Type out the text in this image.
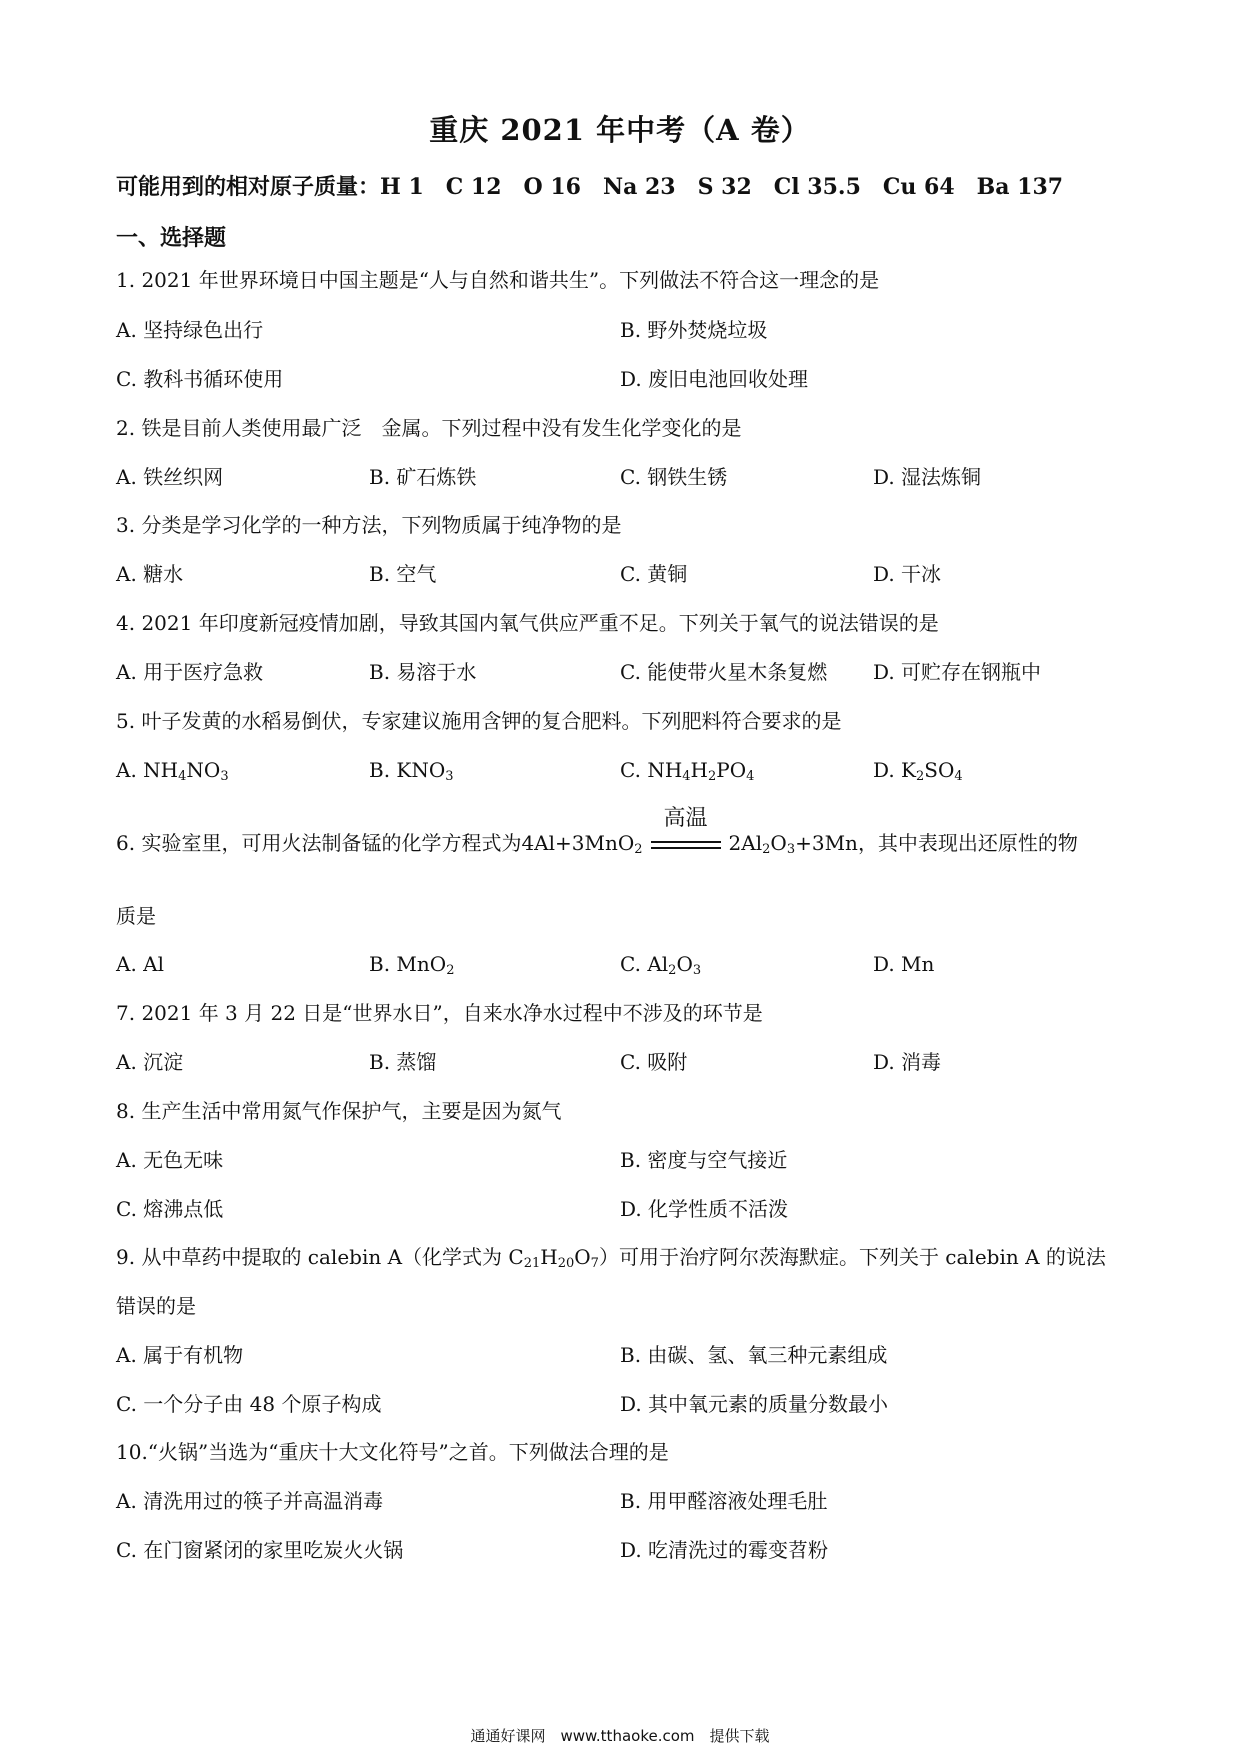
重庆 2021 年中考（A 卷）
可能用到的相对原子质量：H 1　C 12　O 16　Na 23　S 32　Cl 35.5　Cu 64　Ba 137
一、选择题
1. 2021 年世界环境日中国主题是“人与自然和谐共生”。下列做法不符合这一理念的是
A. 坚持绿色出行	B. 野外焚烧垃圾
C. 教科书循环使用	D. 废旧电池回收处理
2. 铁是目前人类使用最广泛　金属。下列过程中没有发生化学变化的是
A. 铁丝织网	B. 矿石炼铁	C. 钢铁生锈	D. 湿法炼铜
3. 分类是学习化学的一种方法，下列物质属于纯净物的是
A. 糖水	B. 空气	C. 黄铜	D. 干冰
4. 2021 年印度新冠疫情加剧，导致其国内氧气供应严重不足。下列关于氧气的说法错误的是
A. 用于医疗急救	B. 易溶于水	C. 能使带火星木条复燃 D. 可贮存在钢瓶中
5. 叶子发黄的水稻易倒伏，专家建议施用含钾的复合肥料。下列肥料符合要求的是
A. $NH_4NO_3$	B. $KNO_3$	C. $NH_4H_2PO_4$	D. $K_2SO_4$
6. 实验室里，可用火法制备锰的化学方程式为4Al+3MnO$_2$
高温
$2Al_2O_3+3Mn$，其中表现出还原性的物
质是
A. Al	B. MnO$_2$	C. $Al_2O_3$	D. Mn
7. 2021 年 3 月 22 日是“世界水日”，自来水净水过程中不涉及的环节是
A. 沉淀	B. 蒸馏	C. 吸附	D. 消毒
8. 生产生活中常用氮气作保护气，主要是因为氮气
A. 无色无味	B. 密度与空气接近
C. 熔沸点低	D. 化学性质不活泼
9. 从中草药中提取的 calebin A（化学式为 $C_{21}H_{20}O_7$）可用于治疗阿尔茨海默症。下列关于 calebin A 的说法
错误的是
A. 属于有机物	B. 由碳、氢、氧三种元素组成
C. 一个分子由 48 个原子构成	D. 其中氧元素的质量分数最小
10.“火锅”当选为“重庆十大文化符号”之首。下列做法合理的是
A. 清洗用过的筷子并高温消毒	B. 用甲醛溶液处理毛肚
C. 在门窗紧闭的家里吃炭火火锅	D. 吃清洗过的霉变苕粉
通通好课网　www.tthaoke.com　提供下载
